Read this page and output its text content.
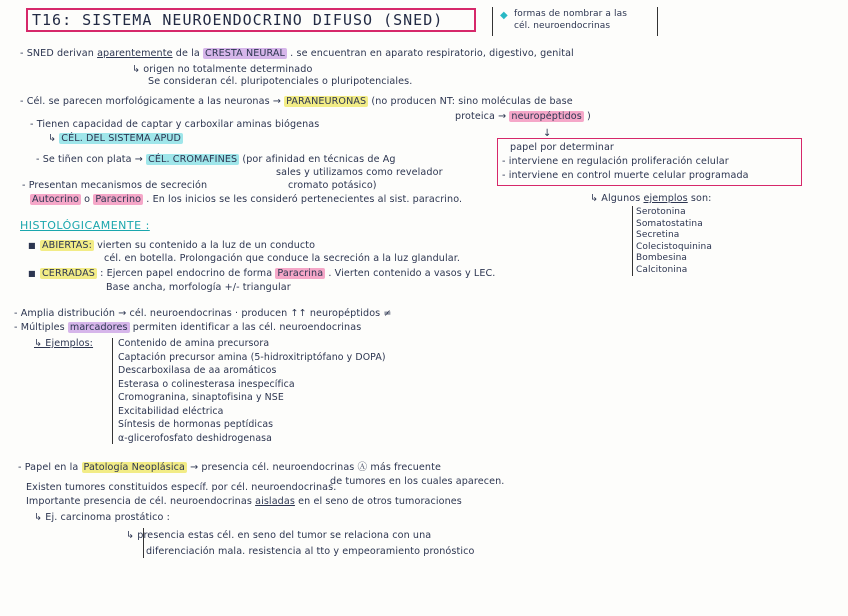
T16: SISTEMA NEUROENDOCRINO DIFUSO (SNED)	◆ formas de nombrar a las
cél. neuroendocrinas
- SNED derivan aparentemente de la CRESTA NEURAL . se encuentran en aparato respiratorio, digestivo, genital
↳ origen no totalmente determinado
Se consideran cél. pluripotenciales o pluripotenciales.
- Cél. se parecen morfológicamente a las neuronas → PARANEURONAS (no producen NT: sino moléculas de base
proteica → neuropéptidos )
- Tienen capacidad de captar y carboxilar aminas biógenas
↳ CÉL. DEL SISTEMA APUD
- Se tiñen con plata → CÉL. CROMAFINES (por afinidad en técnicas de Ag
sales y utilizamos como revelador
cromato potásico)
- Presentan mecanismos de secreción
Autocrino o Paracrino . En los inicios se les consideró pertenecientes al sist. paracrino.
papel por determinar
- interviene en regulación proliferación celular
- interviene en control muerte celular programada
↓
↳ Algunos ejemplos son:
HISTOLÓGICAMENTE :
■ ABIERTAS: vierten su contenido a la luz de un conducto
cél. en botella. Prolongación que conduce la secreción a la luz glandular.
■ CERRADAS : Ejercen papel endocrino de forma Paracrina . Vierten contenido a vasos y LEC.
Base ancha, morfología +/- triangular
- Amplia distribución → cél. neuroendocrinas · producen ↑↑ neuropéptidos ≠
- Múltiples marcadores permiten identificar a las cél. neuroendocrinas
↳ Ejemplos:
- Papel en la Patología Neoplásica → presencia cél. neuroendocrinas Ⓐ más frecuente
de tumores en los cuales aparecen.
Existen tumores constituidos específ. por cél. neuroendocrinas.
Importante presencia de cél. neuroendocrinas aisladas en el seno de otros tumoraciones
↳ Ej. carcinoma prostático :
↳ presencia estas cél. en seno del tumor se relaciona con una
diferenciación mala. resistencia al tto y empeoramiento pronóstico
Serotonina
Somatostatina
Secretina
Colecistoquinina
Bombesina
Calcitonina
Contenido de amina precursora
Captación precursor amina (5-hidroxitriptófano y DOPA)
Descarboxilasa de aa aromáticos
Esterasa o colinesterasa inespecífica
Cromogranina, sinaptofisina y NSE
Excitabilidad eléctrica
Síntesis de hormonas peptídicas
α-glicerofosfato deshidrogenasa
